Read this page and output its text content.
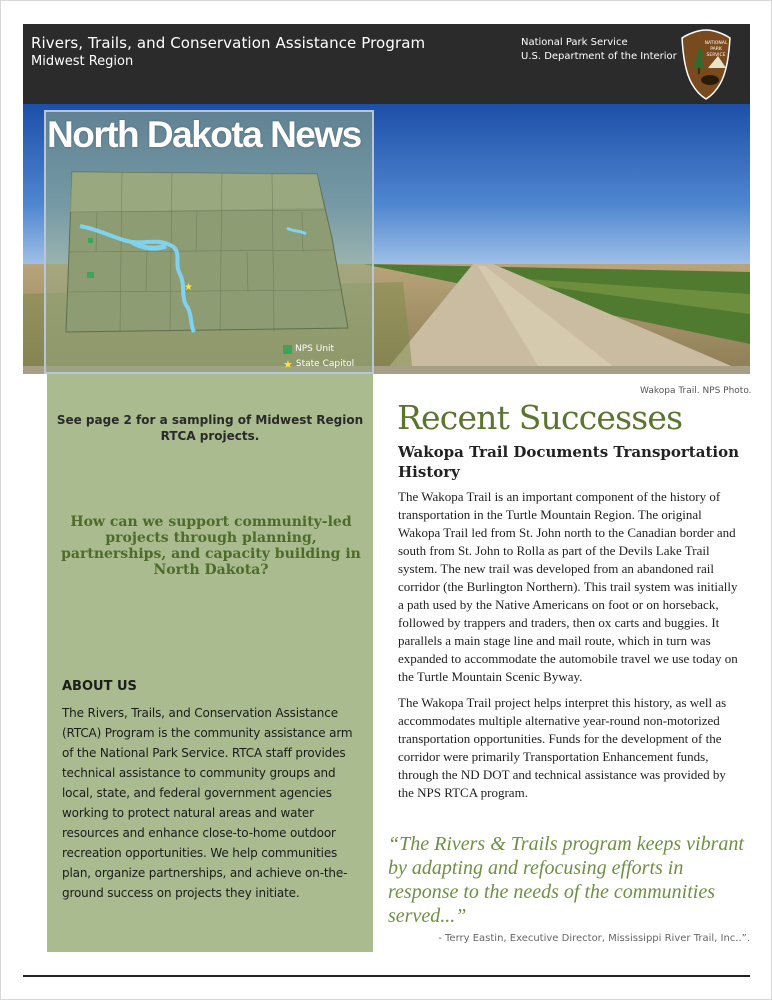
Rivers, Trails, and Conservation Assistance Program
Midwest Region
National Park Service
U.S. Department of the Interior
NATIONAL
PARK
SERVICE
North Dakota News
★
NPS Unit
★ State Capitol
Wakopa Trail. NPS Photo.
See page 2 for a sampling of Midwest Region RTCA projects.
How can we support community-led projects through planning, partnerships, and capacity building in North Dakota?
ABOUT US
The Rivers, Trails, and Conservation Assistance (RTCA) Program is the community assistance arm of the National Park Service. RTCA staff provides technical assistance to community groups and local, state, and federal government agencies working to protect natural areas and water resources and enhance close-to-home outdoor recreation opportunities. We help communities plan, organize partnerships, and achieve on-the-ground success on projects they initiate.
Recent Successes
Wakopa Trail Documents Transportation History
The Wakopa Trail is an important component of the history of transportation in the Turtle Mountain Region. The original Wakopa Trail led from St. John north to the Canadian border and south from St. John to Rolla as part of the Devils Lake Trail system. The new trail was developed from an abandoned rail corridor (the Burlington Northern). This trail system was initially a path used by the Native Americans on foot or on horseback, followed by trappers and traders, then ox carts and buggies. It parallels a main stage line and mail route, which in turn was expanded to accommodate the automobile travel we use today on the Turtle Mountain Scenic Byway.
The Wakopa Trail project helps interpret this history, as well as accommodates multiple alternative year-round non-motorized transportation opportunities. Funds for the development of the corridor were primarily Transportation Enhancement funds, through the ND DOT and technical assistance was provided by the NPS RTCA program.
“The Rivers & Trails program keeps vibrant by adapting and refocusing efforts in response to the needs of the communities served...”
- Terry Eastin, Executive Director, Mississippi River Trail, Inc..”.
